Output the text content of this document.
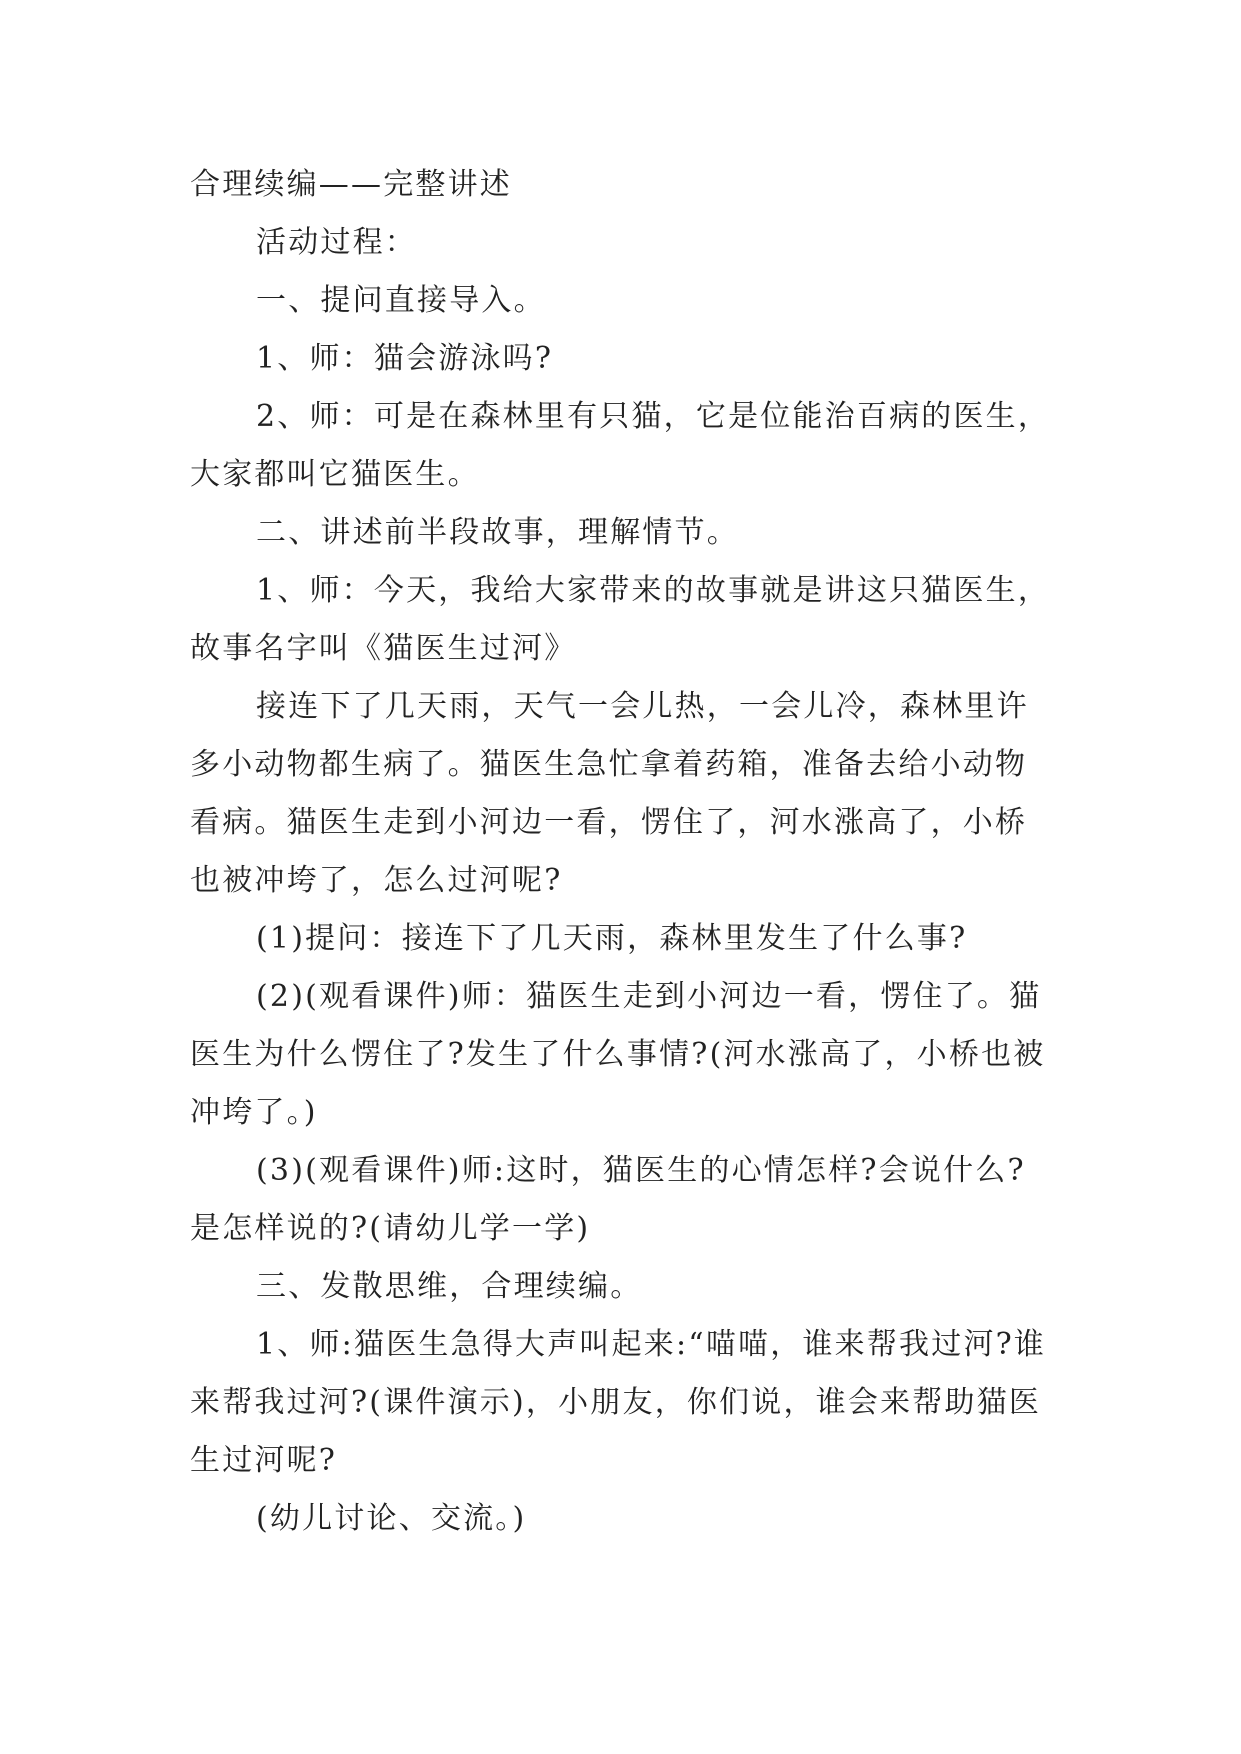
合理续编——完整讲述

活动过程：

一、提问直接导入。

1、师：猫会游泳吗?

2、师：可是在森林里有只猫，它是位能治百病的医生，大家都叫它猫医生。

二、讲述前半段故事，理解情节。

1、师：今天，我给大家带来的故事就是讲这只猫医生，故事名字叫《猫医生过河》

接连下了几天雨，天气一会儿热，一会儿冷，森林里许多小动物都生病了。猫医生急忙拿着药箱，准备去给小动物看病。猫医生走到小河边一看，愣住了，河水涨高了，小桥也被冲垮了，怎么过河呢?

(1)提问：接连下了几天雨，森林里发生了什么事?

(2)(观看课件)师：猫医生走到小河边一看，愣住了。猫医生为什么愣住了?发生了什么事情?(河水涨高了，小桥也被冲垮了。)

(3)(观看课件)师:这时，猫医生的心情怎样?会说什么?是怎样说的?(请幼儿学一学)

三、发散思维，合理续编。

1、师:猫医生急得大声叫起来:“喵喵，谁来帮我过河?谁来帮我过河?(课件演示)，小朋友，你们说，谁会来帮助猫医生过河呢?

(幼儿讨论、交流。)
